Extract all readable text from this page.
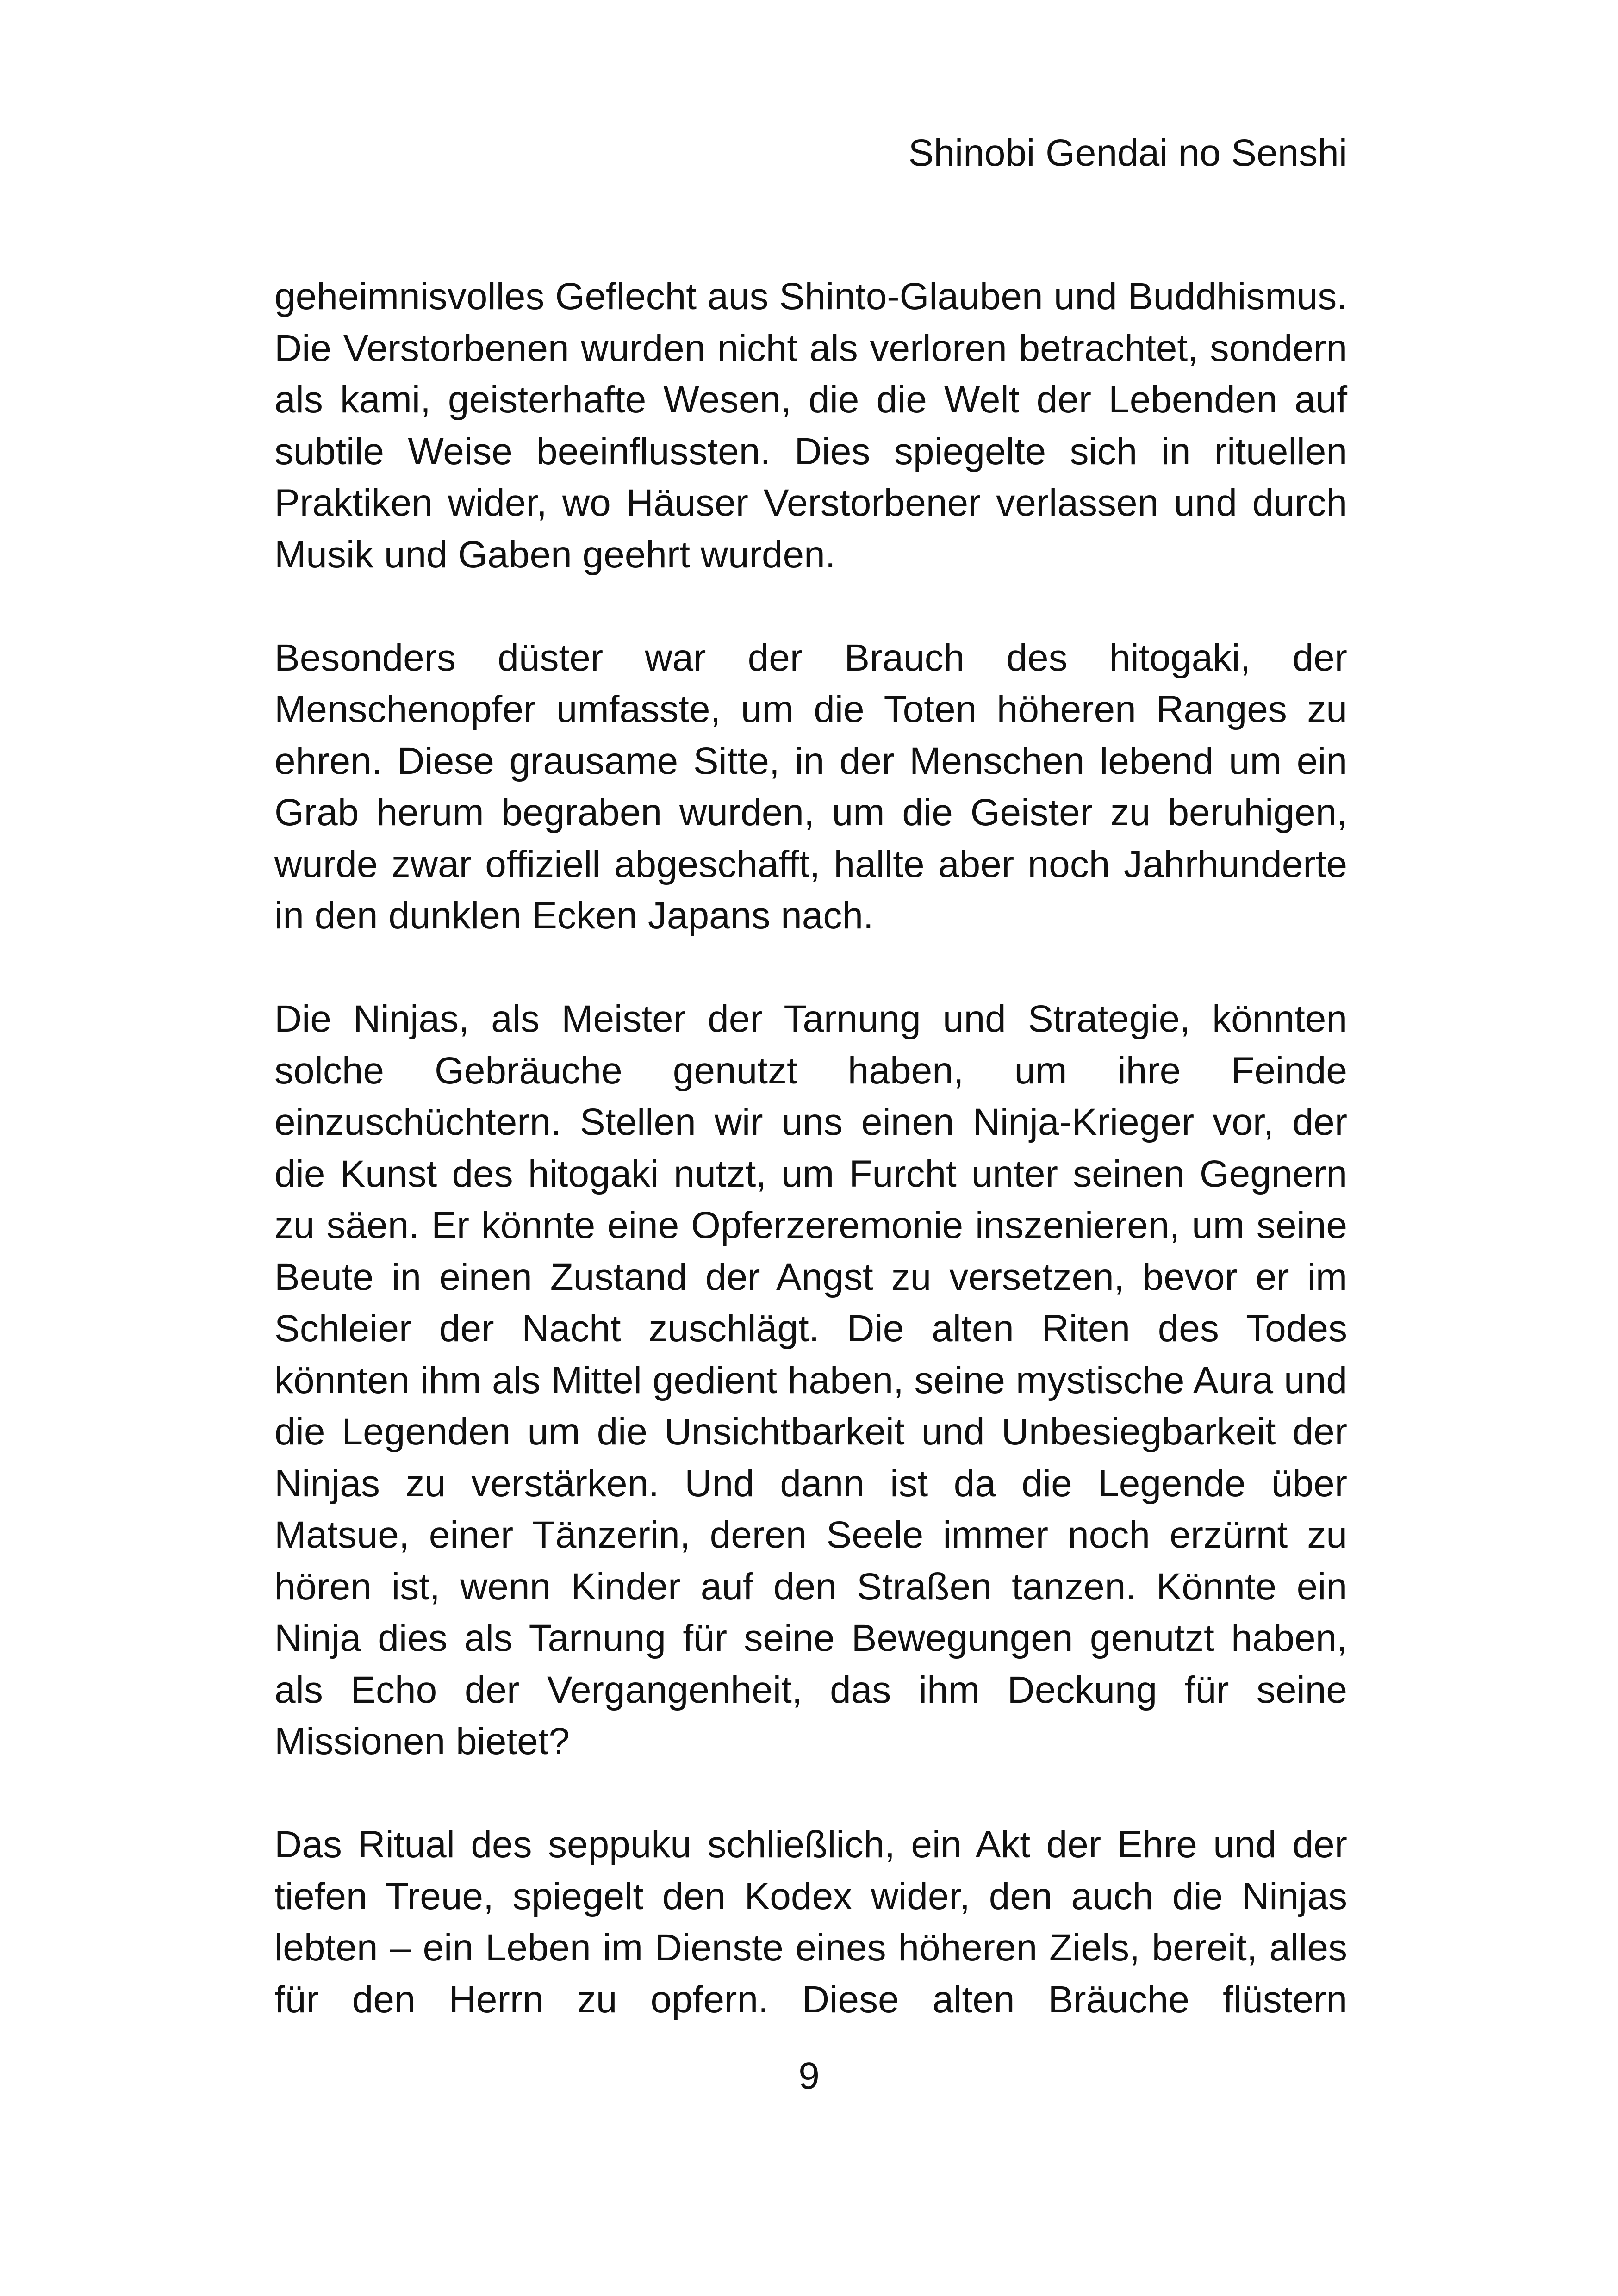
Shinobi Gendai no Senshi

geheimnisvolles Geflecht aus Shinto-Glauben und Buddhismus. Die Verstorbenen wurden nicht als verloren betrachtet, sondern als kami, geisterhafte Wesen, die die Welt der Lebenden auf subtile Weise beeinflussten. Dies spiegelte sich in rituellen Praktiken wider, wo Häuser Verstorbener verlassen und durch Musik und Gaben geehrt wurden.

Besonders düster war der Brauch des hitogaki, der Menschenopfer umfasste, um die Toten höheren Ranges zu ehren. Diese grausame Sitte, in der Menschen lebend um ein Grab herum begraben wurden, um die Geister zu beruhigen, wurde zwar offiziell abgeschafft, hallte aber noch Jahrhunderte in den dunklen Ecken Japans nach.

Die Ninjas, als Meister der Tarnung und Strategie, könnten solche Gebräuche genutzt haben, um ihre Feinde einzuschüchtern. Stellen wir uns einen Ninja-Krieger vor, der die Kunst des hitogaki nutzt, um Furcht unter seinen Gegnern zu säen. Er könnte eine Opferzeremonie inszenieren, um seine Beute in einen Zustand der Angst zu versetzen, bevor er im Schleier der Nacht zuschlägt. Die alten Riten des Todes könnten ihm als Mittel gedient haben, seine mystische Aura und die Legenden um die Unsichtbarkeit und Unbesiegbarkeit der Ninjas zu verstärken. Und dann ist da die Legende über Matsue, einer Tänzerin, deren Seele immer noch erzürnt zu hören ist, wenn Kinder auf den Straßen tanzen. Könnte ein Ninja dies als Tarnung für seine Bewegungen genutzt haben, als Echo der Vergangenheit, das ihm Deckung für seine Missionen bietet?

Das Ritual des seppuku schließlich, ein Akt der Ehre und der tiefen Treue, spiegelt den Kodex wider, den auch die Ninjas lebten – ein Leben im Dienste eines höheren Ziels, bereit, alles für den Herrn zu opfern. Diese alten Bräuche flüstern

9
